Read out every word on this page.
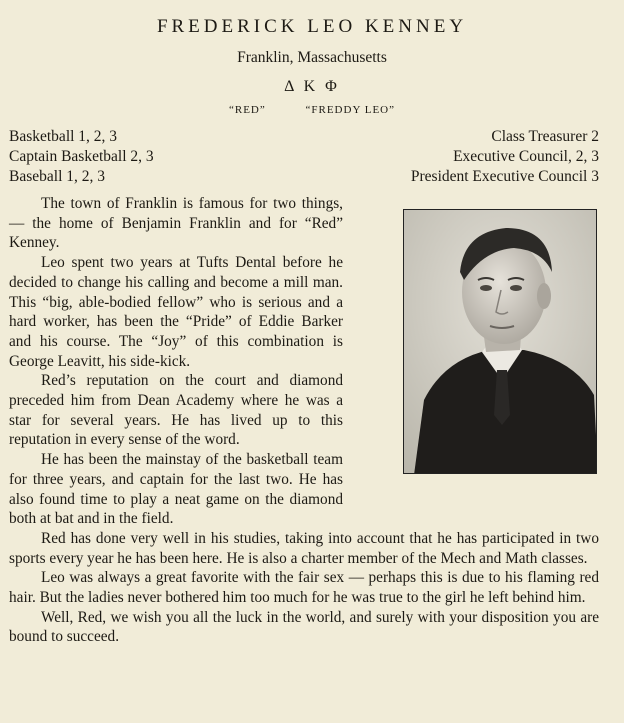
FREDERICK LEO KENNEY
Franklin, Massachusetts
Δ Κ Φ
“RED”	“FREDDY LEO”
Basketball 1, 2, 3
Captain Basketball 2, 3
Baseball 1, 2, 3
Class Treasurer 2
Executive Council, 2, 3
President Executive Council 3

The town of Franklin is famous for two things, — the home of Benjamin Franklin and for “Red” Kenney.

Leo spent two years at Tufts Dental before he decided to change his calling and become a mill man. This “big, able-bodied fellow” who is serious and a hard worker, has been the “Pride” of Eddie Barker and his course. The “Joy” of this combination is George Leavitt, his side-kick.

Red’s reputation on the court and diamond preceded him from Dean Academy where he was a star for several years. He has lived up to this reputation in every sense of the word.

He has been the mainstay of the basketball team for three years, and captain for the last two. He has also found time to play a neat game on the diamond both at bat and in the field.

Red has done very well in his studies, taking into account that he has participated in two sports every year he has been here. He is also a charter member of the Mech and Math classes.

Leo was always a great favorite with the fair sex — perhaps this is due to his flaming red hair. But the ladies never bothered him too much for he was true to the girl he left behind him.

Well, Red, we wish you all the luck in the world, and surely with your disposition you are bound to succeed.
